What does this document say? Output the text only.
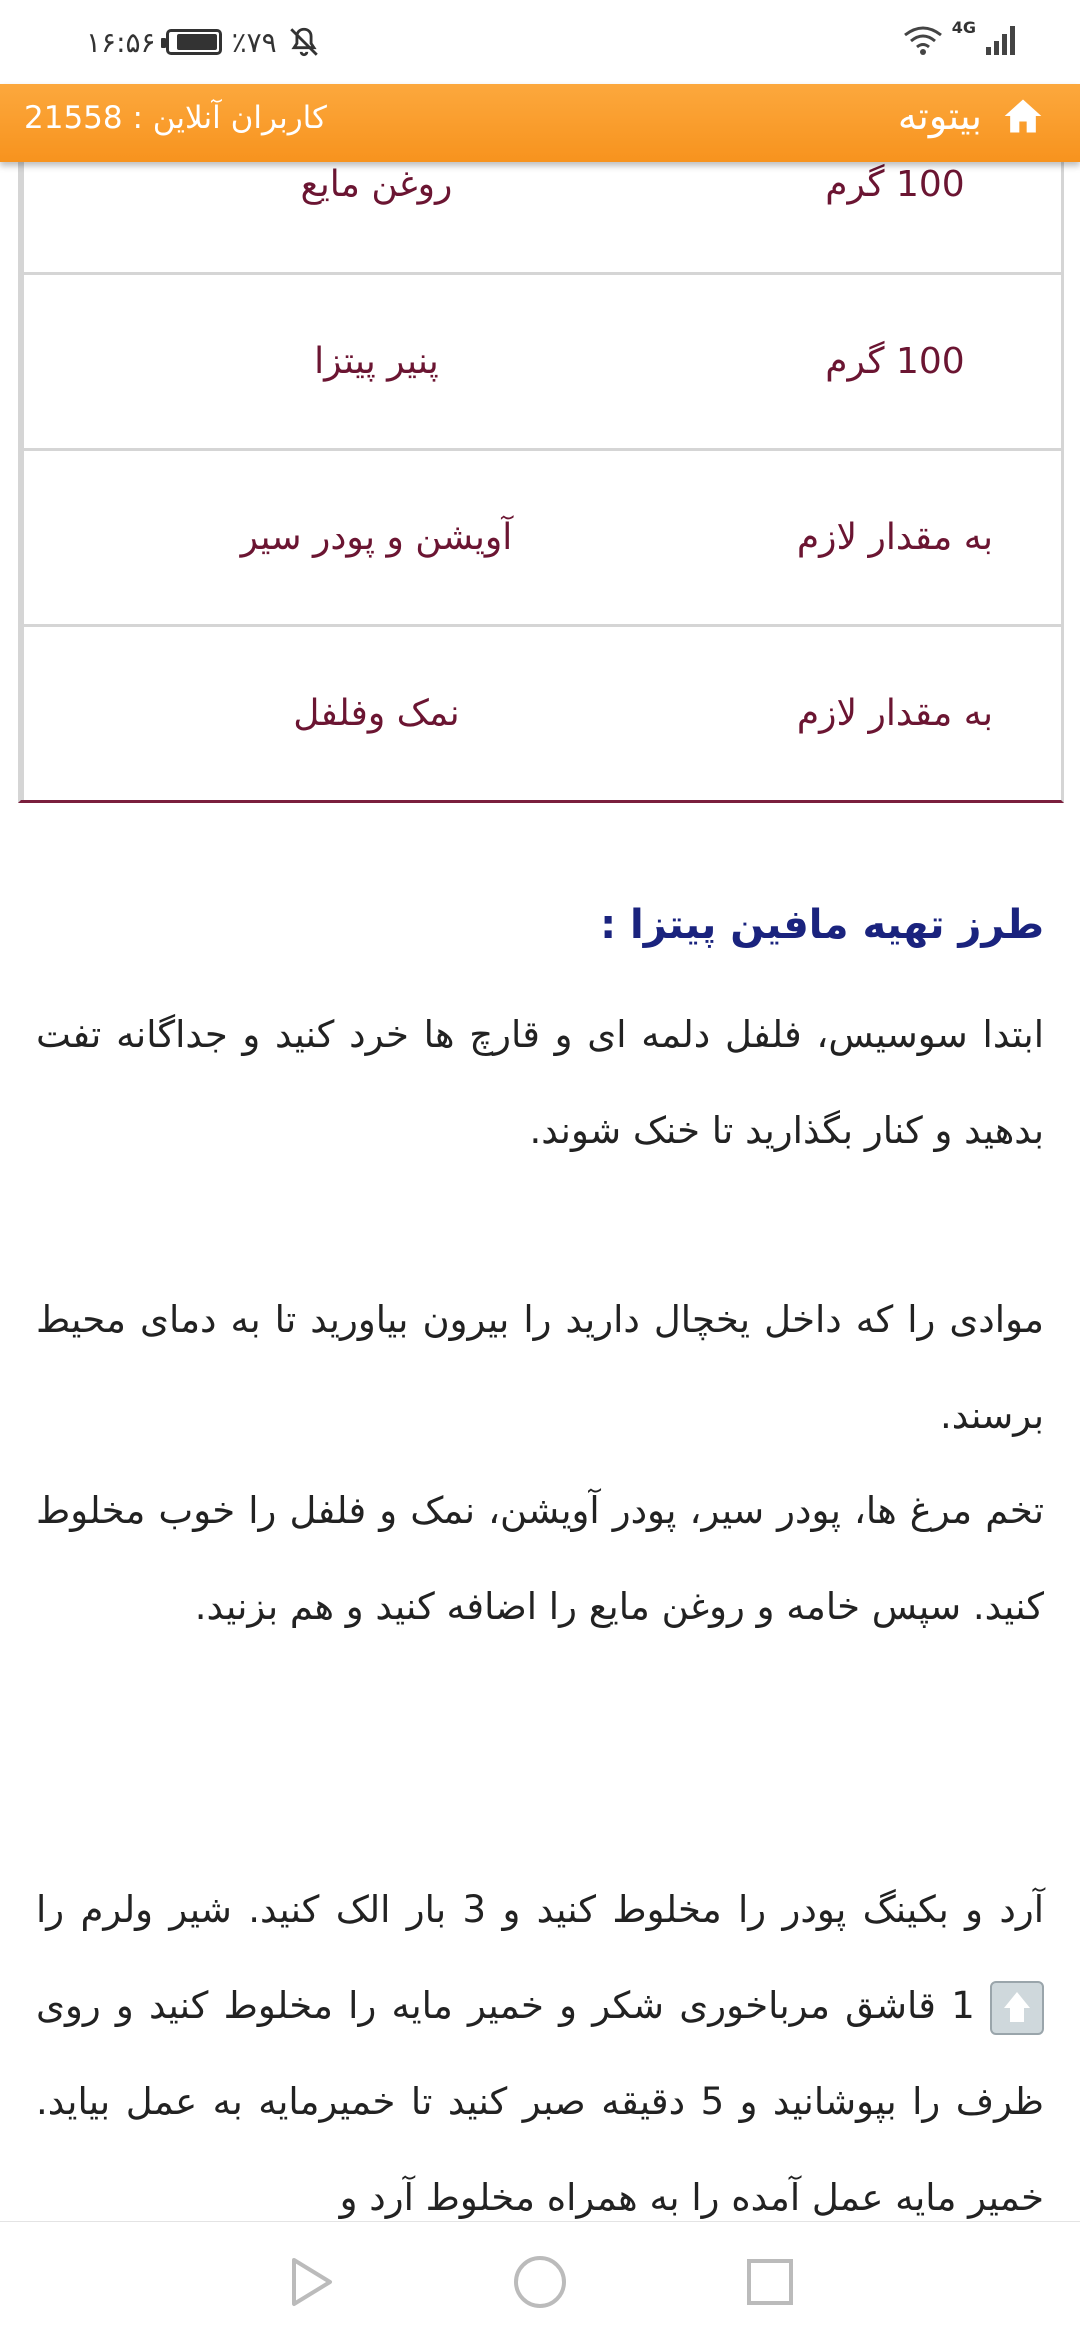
۱۶:۵۶	٪۷۹	4G
کاربران آنلاین : 21558	بیتوته
روغن مایع	100 گرم
پنیر پیتزا	100 گرم
آویشن و پودر سیر	به مقدار لازم
نمک وفلفل	به مقدار لازم
طرز تهیه مافین پیتزا :

ابتدا سوسیس، فلفل دلمه ای و قارچ ها خرد کنید و جداگانه تفت بدهید و کنار بگذارید تا خنک شوند.

موادی را که داخل یخچال دارید را بیرون بیاورید تا به دمای محیط برسند.

تخم مرغ ها، پودر سیر، پودر آویشن، نمک و فلفل را خوب مخلوط کنید. سپس خامه و روغن مایع را اضافه کنید و هم بزنید.

آرد و بکینگ پودر را مخلوط کنید و 3 بار الک کنید. شیر ولرم را  1 قاشق مرباخوری شکر و خمیر مایه را مخلوط کنید و روی ظرف را بپوشانید و 5 دقیقه صبر کنید تا خمیرمایه به عمل بیاید. خمیر مایه عمل آمده را به همراه مخلوط آرد و
